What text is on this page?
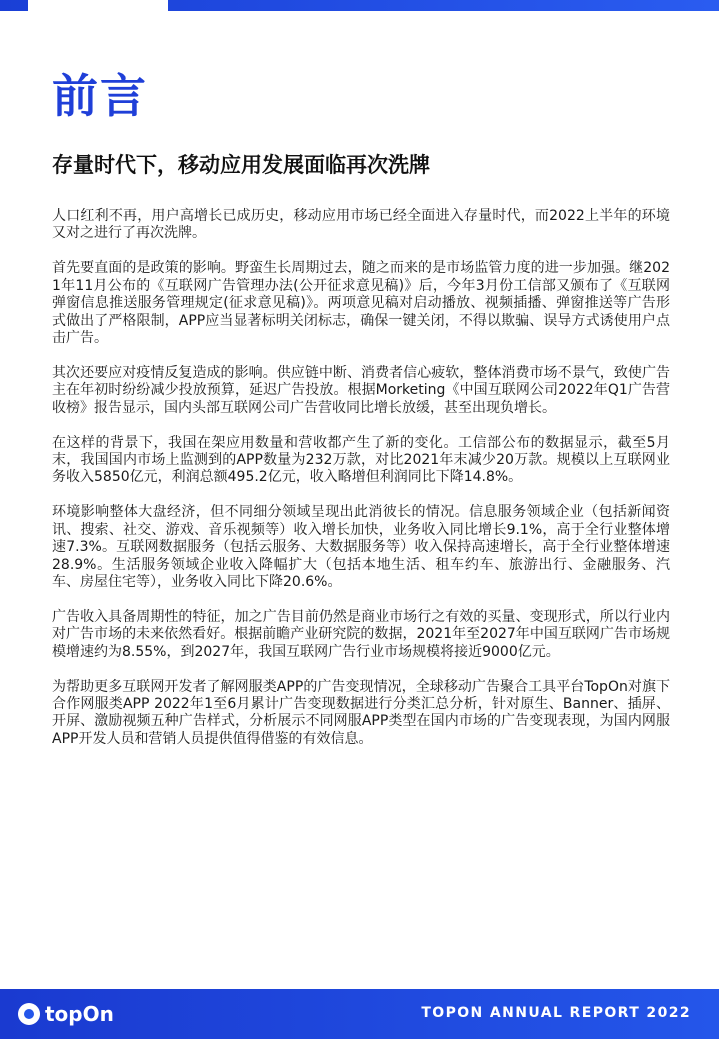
前言
存量时代下，移动应用发展面临再次洗牌

人口红利不再，用户高增长已成历史，移动应用市场已经全面进入存量时代，而2022上半年的环境又对之进行了再次洗牌。

首先要直面的是政策的影响。野蛮生长周期过去，随之而来的是市场监管力度的进一步加强。继2021年11月公布的《互联网广告管理办法(公开征求意见稿)》后，今年3月份工信部又颁布了《互联网弹窗信息推送服务管理规定(征求意见稿)》。两项意见稿对启动播放、视频插播、弹窗推送等广告形式做出了严格限制，APP应当显著标明关闭标志，确保一键关闭，不得以欺骗、误导方式诱使用户点击广告。

其次还要应对疫情反复造成的影响。供应链中断、消费者信心疲软，整体消费市场不景气，致使广告主在年初时纷纷减少投放预算，延迟广告投放。根据Morketing《中国互联网公司2022年Q1广告营收榜》报告显示，国内头部互联网公司广告营收同比增长放缓，甚至出现负增长。

在这样的背景下，我国在架应用数量和营收都产生了新的变化。工信部公布的数据显示，截至5月末，我国国内市场上监测到的APP数量为232万款，对比2021年末减少20万款。规模以上互联网业务收入5850亿元，利润总额495.2亿元，收入略增但利润同比下降14.8%。

环境影响整体大盘经济，但不同细分领域呈现出此消彼长的情况。信息服务领域企业（包括新闻资讯、搜索、社交、游戏、音乐视频等）收入增长加快，业务收入同比增长9.1%，高于全行业整体增速7.3%。互联网数据服务（包括云服务、大数据服务等）收入保持高速增长，高于全行业整体增速28.9%。生活服务领域企业收入降幅扩大（包括本地生活、租车约车、旅游出行、金融服务、汽车、房屋住宅等），业务收入同比下降20.6%。

广告收入具备周期性的特征，加之广告目前仍然是商业市场行之有效的买量、变现形式，所以行业内对广告市场的未来依然看好。根据前瞻产业研究院的数据，2021年至2027年中国互联网广告市场规模增速约为8.55%，到2027年，我国互联网广告行业市场规模将接近9000亿元。

为帮助更多互联网开发者了解网服类APP的广告变现情况，全球移动广告聚合工具平台TopOn对旗下合作网服类APP 2022年1至6月累计广告变现数据进行分类汇总分析，针对原生、Banner、插屏、开屏、激励视频五种广告样式，分析展示不同网服APP类型在国内市场的广告变现表现，为国内网服APP开发人员和营销人员提供值得借鉴的有效信息。

topOn	TOPON ANNUAL REPORT 2022
